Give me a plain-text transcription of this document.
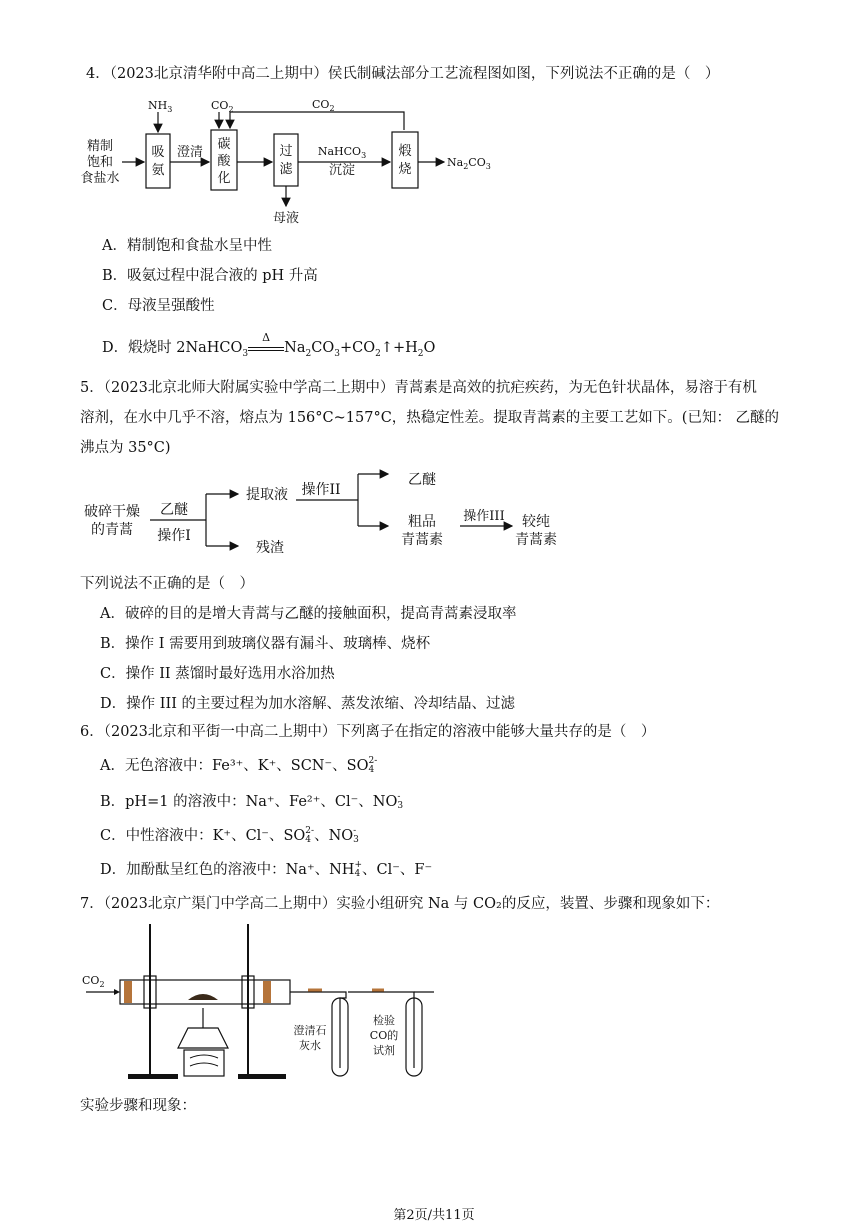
4．（2023北京清华附中高二上期中）侯氏制碱法部分工艺流程图如图，下列说法不正确的是（　）
精制
饱和
食盐水
吸
氨
$NH_3$
澄清
碳
酸
化
$CO_2$	$CO_2$
过
滤
母液
NaHCO$_3$
沉淀
煅
烧	$Na_2CO_3$
A．精制饱和食盐水呈中性
B．吸氨过程中混合液的 pH 升高
C．母液呈强酸性
D．煅烧时 2NaHCO$_3$
Δ
$Na_2CO_3+CO_2↑+H_2O$
5．（2023北京北师大附属实验中学高二上期中）青蒿素是高效的抗疟疾药，为无色针状晶体，易溶于有机
溶剂，在水中几乎不溶，熔点为 156°C~157°C，热稳定性差。提取青蒿素的主要工艺如下。(已知： 乙醚的
沸点为 35°C)
破碎干燥
的青蒿
乙醚
操作I
提取液
残渣
操作II
乙醚
粗品
青蒿素
操作III 较纯
青蒿素
下列说法不正确的是（　）
A．破碎的目的是增大青蒿与乙醚的接触面积，提高青蒿素浸取率
B．操作 I 需要用到玻璃仪器有漏斗、玻璃棒、烧杯
C．操作 II 蒸馏时最好选用水浴加热
D．操作 III 的主要过程为加水溶解、蒸发浓缩、冷却结晶、过滤
6．（2023北京和平街一中高二上期中）下列离子在指定的溶液中能够大量共存的是（　）
A．无色溶液中：Fe³⁺、K⁺、SCN⁻、SO 2-
4
B．pH=1 的溶液中：Na⁺、Fe²⁺、Cl⁻、NO -
3
C．中性溶液中：K⁺、Cl⁻、SO 2-
4 、NO -
3
D．加酚酞呈红色的溶液中：Na⁺、NH +
4 、Cl⁻、F⁻
7．（2023北京广渠门中学高二上期中）实验小组研究 Na 与 CO₂的反应，装置、步骤和现象如下：
$CO_2$
澄清石
灰水
检验
CO的
试剂
实验步骤和现象：
第2页/共11页
